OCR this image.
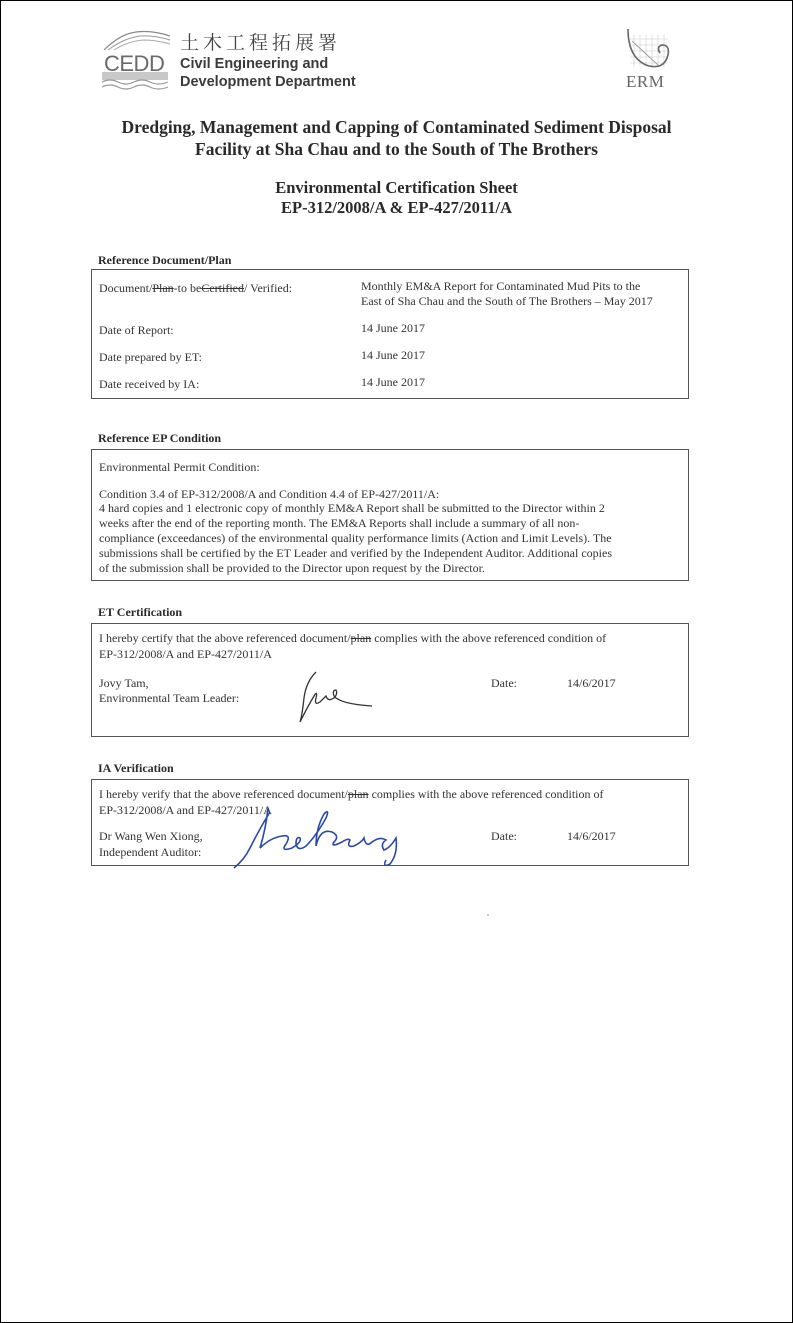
CEDD
土木工程拓展署
Civil Engineering and
Development Department	ERM
Dredging, Management and Capping of Contaminated Sediment Disposal
Facility at Sha Chau and to the South of The Brothers
Environmental Certification Sheet
EP-312/2008/A & EP-427/2011/A
Reference Document/Plan
Document/Plan-to beCertified/ Verified:	Monthly EM&A Report for Contaminated Mud Pits to the
East of Sha Chau and the South of The Brothers – May 2017
Date of Report:	14 June 2017
Date prepared by ET:	14 June 2017
Date received by IA:	14 June 2017
Reference EP Condition
Environmental Permit Condition:
Condition 3.4 of EP-312/2008/A and Condition 4.4 of EP-427/2011/A:
4 hard copies and 1 electronic copy of monthly EM&A Report shall be submitted to the Director within 2
weeks after the end of the reporting month. The EM&A Reports shall include a summary of all non-
compliance (exceedances) of the environmental quality performance limits (Action and Limit Levels). The
submissions shall be certified by the ET Leader and verified by the Independent Auditor. Additional copies
of the submission shall be provided to the Director upon request by the Director.
ET Certification
I hereby certify that the above referenced document/plan complies with the above referenced condition of
EP-312/2008/A and EP-427/2011/A
Jovy Tam,
Environmental Team Leader:
Date:	14/6/2017
IA Verification
I hereby verify that the above referenced document/plan complies with the above referenced condition of
EP-312/2008/A and EP-427/2011/A
Dr Wang Wen Xiong,
Independent Auditor:
Date:	14/6/2017
